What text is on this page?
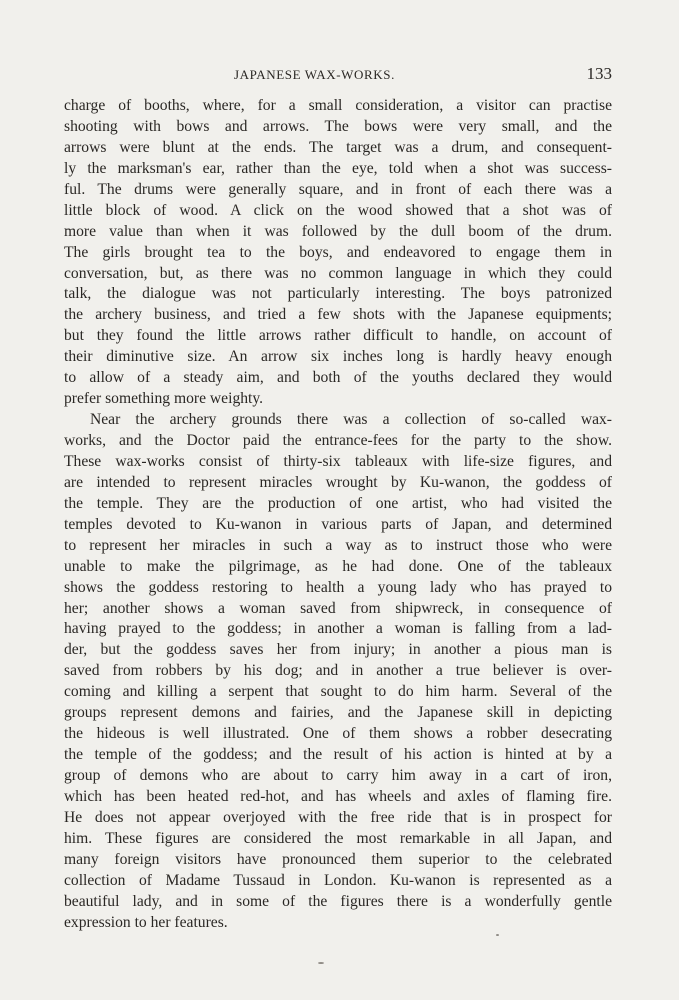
JAPANESE WAX-WORKS.	133
charge of booths, where, for a small consideration, a visitor can practise
shooting with bows and arrows. The bows were very small, and the
arrows were blunt at the ends. The target was a drum, and consequent-
ly the marksman's ear, rather than the eye, told when a shot was success-
ful. The drums were generally square, and in front of each there was a
little block of wood. A click on the wood showed that a shot was of
more value than when it was followed by the dull boom of the drum.
The girls brought tea to the boys, and endeavored to engage them in
conversation, but, as there was no common language in which they could
talk, the dialogue was not particularly interesting. The boys patronized
the archery business, and tried a few shots with the Japanese equipments;
but they found the little arrows rather difficult to handle, on account of
their diminutive size. An arrow six inches long is hardly heavy enough
to allow of a steady aim, and both of the youths declared they would
prefer something more weighty.
Near the archery grounds there was a collection of so-called wax-
works, and the Doctor paid the entrance-fees for the party to the show.
These wax-works consist of thirty-six tableaux with life-size figures, and
are intended to represent miracles wrought by Ku-wanon, the goddess of
the temple. They are the production of one artist, who had visited the
temples devoted to Ku-wanon in various parts of Japan, and determined
to represent her miracles in such a way as to instruct those who were
unable to make the pilgrimage, as he had done. One of the tableaux
shows the goddess restoring to health a young lady who has prayed to
her; another shows a woman saved from shipwreck, in consequence of
having prayed to the goddess; in another a woman is falling from a lad-
der, but the goddess saves her from injury; in another a pious man is
saved from robbers by his dog; and in another a true believer is over-
coming and killing a serpent that sought to do him harm. Several of the
groups represent demons and fairies, and the Japanese skill in depicting
the hideous is well illustrated. One of them shows a robber desecrating
the temple of the goddess; and the result of his action is hinted at by a
group of demons who are about to carry him away in a cart of iron,
which has been heated red-hot, and has wheels and axles of flaming fire.
He does not appear overjoyed with the free ride that is in prospect for
him. These figures are considered the most remarkable in all Japan, and
many foreign visitors have pronounced them superior to the celebrated
collection of Madame Tussaud in London. Ku-wanon is represented as a
beautiful lady, and in some of the figures there is a wonderfully gentle
expression to her features.
